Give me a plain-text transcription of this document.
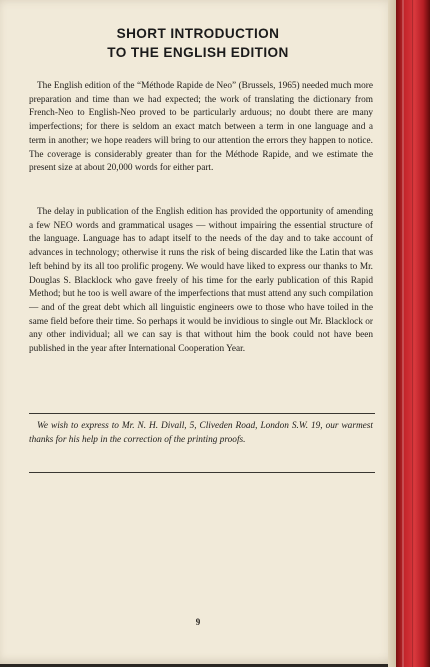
SHORT INTRODUCTION
TO THE ENGLISH EDITION

The English edition of the “Méthode Rapide de Neo” (Brussels, 1965) needed much more preparation and time than we had expected; the work of translating the dictionary from French-Neo to English-Neo proved to be particularly arduous; no doubt there are many imperfections; for there is seldom an exact match between a term in one language and a term in another; we hope readers will bring to our attention the errors they happen to notice. The coverage is considerably greater than for the Méthode Rapide, and we estimate the present size at about 20,000 words for either part.

The delay in publication of the English edition has provided the opportunity of amending a few NEO words and grammatical usages — without impairing the essential structure of the language. Language has to adapt itself to the needs of the day and to take account of advances in technology; otherwise it runs the risk of being discarded like the Latin that was left behind by its all too prolific progeny. We would have liked to express our thanks to Mr. Douglas S. Blacklock who gave freely of his time for the early publication of this Rapid Method; but he too is well aware of the imperfections that must attend any such compilation — and of the great debt which all linguistic engineers owe to those who have toiled in the same field before their time. So perhaps it would be invidious to single out Mr. Blacklock or any other individual; all we can say is that without him the book could not have been published in the year after International Cooperation Year.

We wish to express to Mr. N. H. Divall, 5, Cliveden Road, London S.W. 19, our warmest thanks for his help in the correction of the printing proofs.

9
